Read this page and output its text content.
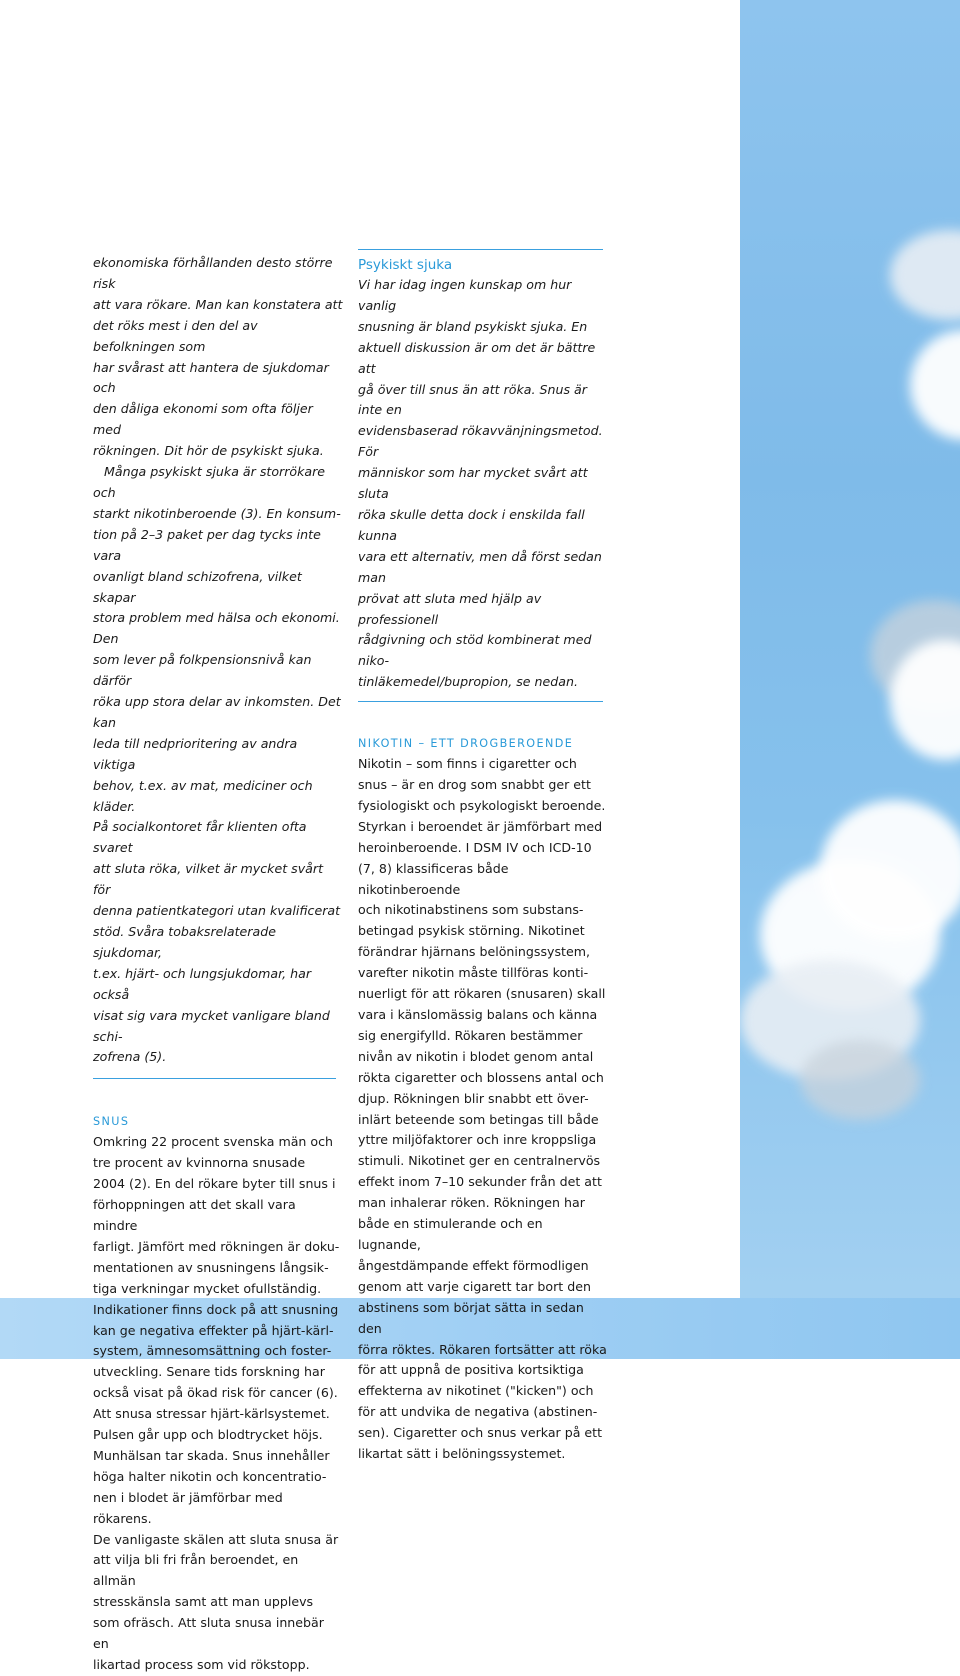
ekonomiska förhållanden desto större risk

att vara rökare. Man kan konstatera att

det röks mest i den del av befolkningen som

har svårast att hantera de sjukdomar och

den dåliga ekonomi som ofta följer med

rökningen. Dit hör de psykiskt sjuka.

Många psykiskt sjuka är storrökare och

starkt nikotinberoende (3). En konsum-

tion på 2–3 paket per dag tycks inte vara

ovanligt bland schizofrena, vilket skapar

stora problem med hälsa och ekonomi. Den

som lever på folkpensionsnivå kan därför

röka upp stora delar av inkomsten. Det kan

leda till nedprioritering av andra viktiga

behov, t.ex. av mat, mediciner och kläder.

På socialkontoret får klienten ofta svaret

att sluta röka, vilket är mycket svårt för

denna patientkategori utan kvalificerat

stöd. Svåra tobaksrelaterade sjukdomar,

t.ex. hjärt- och lungsjukdomar, har också

visat sig vara mycket vanligare bland schi-

zofrena (5).

SNUS

Omkring 22 procent svenska män och

tre procent av kvinnorna snusade

2004 (2). En del rökare byter till snus i

förhoppningen att det skall vara mindre

farligt. Jämfört med rökningen är doku-

mentationen av snusningens långsik-

tiga verkningar mycket ofullständig.

Indikationer finns dock på att snusning

kan ge negativa effekter på hjärt-kärl-

system, ämnesomsättning och foster-

utveckling. Senare tids forskning har

också visat på ökad risk för cancer (6).

Att snusa stressar hjärt-kärlsystemet.

Pulsen går upp och blodtrycket höjs.

Munhälsan tar skada. Snus innehåller

höga halter nikotin och koncentratio-

nen i blodet är jämförbar med rökarens.

De vanligaste skälen att sluta snusa är

att vilja bli fri från beroendet, en allmän

stresskänsla samt att man upplevs

som ofräsch. Att sluta snusa innebär en

likartad process som vid rökstopp.

Psykiskt sjuka

Vi har idag ingen kunskap om hur vanlig

snusning är bland psykiskt sjuka. En

aktuell diskussion är om det är bättre att

gå över till snus än att röka. Snus är inte en

evidensbaserad rökavvänjningsmetod. För

människor som har mycket svårt att sluta

röka skulle detta dock i enskilda fall kunna

vara ett alternativ, men då först sedan man

prövat att sluta med hjälp av professionell

rådgivning och stöd kombinerat med niko-

tinläkemedel/bupropion, se nedan.

NIKOTIN – ETT DROGBEROENDE

Nikotin – som finns i cigaretter och

snus – är en drog som snabbt ger ett

fysiologiskt och psykologiskt beroende.

Styrkan i beroendet är jämförbart med

heroinberoende. I DSM IV och ICD-10

(7, 8) klassificeras både nikotinberoende

och nikotinabstinens som substans-

betingad psykisk störning. Nikotinet

förändrar hjärnans belöningssystem,

varefter nikotin måste tillföras konti-

nuerligt för att rökaren (snusaren) skall

vara i känslomässig balans och känna

sig energifylld. Rökaren bestämmer

nivån av nikotin i blodet genom antal

rökta cigaretter och blossens antal och

djup. Rökningen blir snabbt ett över-

inlärt beteende som betingas till både

yttre miljöfaktorer och inre kroppsliga

stimuli. Nikotinet ger en centralnervös

effekt inom 7–10 sekunder från det att

man inhalerar röken. Rökningen har

både en stimulerande och en lugnande,

ångestdämpande effekt förmodligen

genom att varje cigarett tar bort den

abstinens som börjat sätta in sedan den

förra röktes. Rökaren fortsätter att röka

för att uppnå de positiva kortsiktiga

effekterna av nikotinet ("kicken") och

för att undvika de negativa (abstinen-

sen). Cigaretter och snus verkar på ett

likartat sätt i belöningssystemet.
